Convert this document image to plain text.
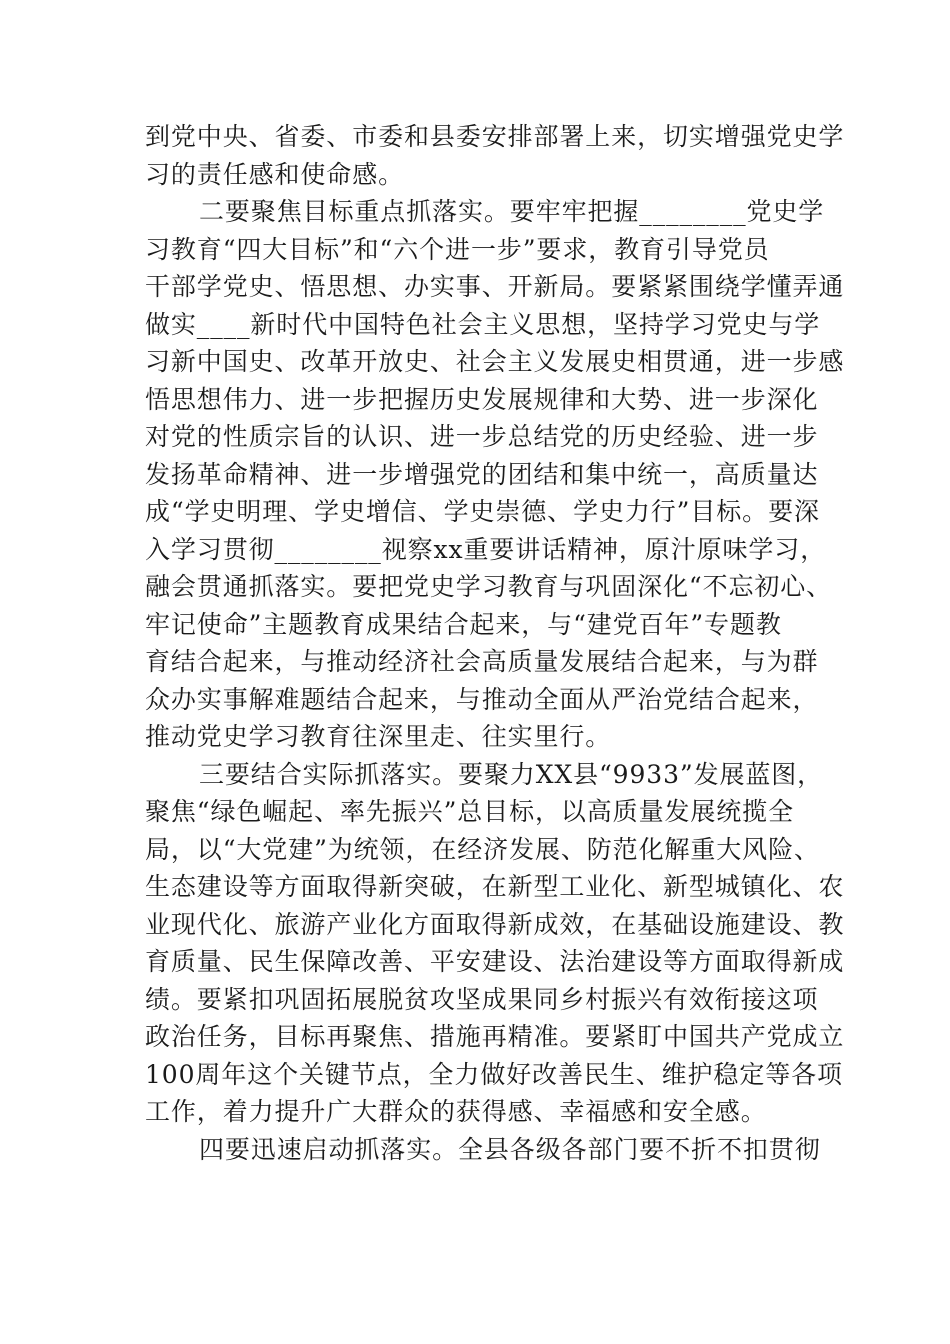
到党中央、省委、市委和县委安排部署上来，切实增强党史学
习的责任感和使命感。
二要聚焦目标重点抓落实。要牢牢把握________党史学
习教育“四大目标”和“六个进一步”要求，教育引导党员
干部学党史、悟思想、办实事、开新局。要紧紧围绕学懂弄通
做实____新时代中国特色社会主义思想，坚持学习党史与学
习新中国史、改革开放史、社会主义发展史相贯通，进一步感
悟思想伟力、进一步把握历史发展规律和大势、进一步深化
对党的性质宗旨的认识、进一步总结党的历史经验、进一步
发扬革命精神、进一步增强党的团结和集中统一，高质量达
成“学史明理、学史增信、学史崇德、学史力行”目标。要深
入学习贯彻________视察xx重要讲话精神，原汁原味学习，
融会贯通抓落实。要把党史学习教育与巩固深化“不忘初心、
牢记使命”主题教育成果结合起来，与“建党百年”专题教
育结合起来，与推动经济社会高质量发展结合起来，与为群
众办实事解难题结合起来，与推动全面从严治党结合起来，
推动党史学习教育往深里走、往实里行。
三要结合实际抓落实。要聚力XX县“9933”发展蓝图，
聚焦“绿色崛起、率先振兴”总目标，以高质量发展统揽全
局，以“大党建”为统领，在经济发展、防范化解重大风险、
生态建设等方面取得新突破，在新型工业化、新型城镇化、农
业现代化、旅游产业化方面取得新成效，在基础设施建设、教
育质量、民生保障改善、平安建设、法治建设等方面取得新成
绩。要紧扣巩固拓展脱贫攻坚成果同乡村振兴有效衔接这项
政治任务，目标再聚焦、措施再精准。要紧盯中国共产党成立
100周年这个关键节点，全力做好改善民生、维护稳定等各项
工作，着力提升广大群众的获得感、幸福感和安全感。
四要迅速启动抓落实。全县各级各部门要不折不扣贯彻
